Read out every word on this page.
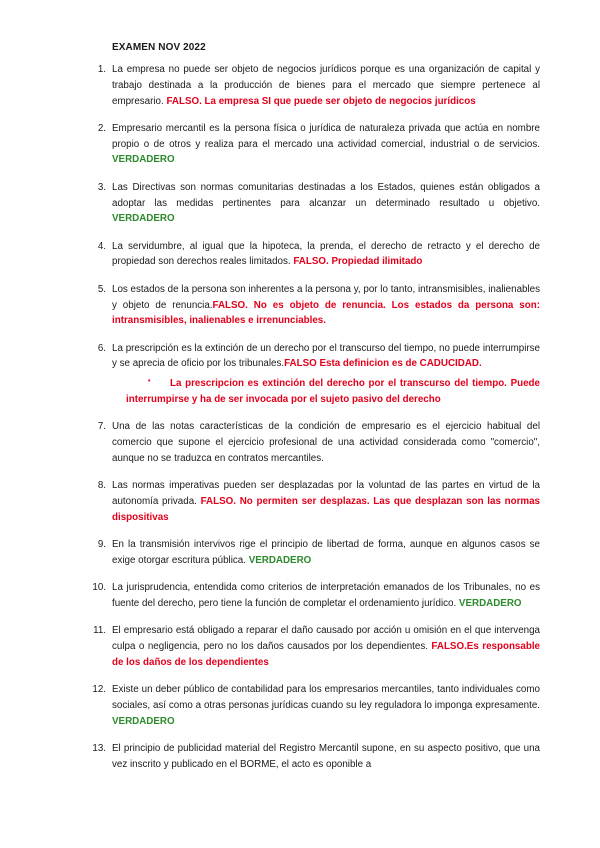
EXAMEN NOV 2022
1. La empresa no puede ser objeto de negocios jurídicos porque es una organización de capital y trabajo destinada a la producción de bienes para el mercado que siempre pertenece al empresario. FALSO. La empresa SI que puede ser objeto de negocios jurídicos
2. Empresario mercantil es la persona física o jurídica de naturaleza privada que actúa en nombre propio o de otros y realiza para el mercado una actividad comercial, industrial o de servicios. VERDADERO
3. Las Directivas son normas comunitarias destinadas a los Estados, quienes están obligados a adoptar las medidas pertinentes para alcanzar un determinado resultado u objetivo. VERDADERO
4. La servidumbre, al igual que la hipoteca, la prenda, el derecho de retracto y el derecho de propiedad son derechos reales limitados. FALSO. Propiedad ilimitado
5. Los estados de la persona son inherentes a la persona y, por lo tanto, intransmisibles, inalienables y objeto de renuncia.FALSO. No es objeto de renuncia. Los estados da persona son: intransmisibles, inalienables e irrenunciables.
6. La prescripción es la extinción de un derecho por el transcurso del tiempo, no puede interrumpirse y se aprecia de oficio por los tribunales.FALSO Esta definicion es de CADUCIDAD.
•	La prescripcion es extinción del derecho por el transcurso del tiempo. Puede interrumpirse y ha de ser invocada por el sujeto pasivo del derecho
7. Una de las notas características de la condición de empresario es el ejercicio habitual del comercio que supone el ejercicio profesional de una actividad considerada como "comercio", aunque no se traduzca en contratos mercantiles.
8. Las normas imperativas pueden ser desplazadas por la voluntad de las partes en virtud de la autonomía privada. FALSO. No permiten ser desplazas. Las que desplazan son las normas dispositivas
9. En la transmisión intervivos rige el principio de libertad de forma, aunque en algunos casos se exige otorgar escritura pública. VERDADERO
10. La jurisprudencia, entendida como criterios de interpretación emanados de los Tribunales, no es fuente del derecho, pero tiene la función de completar el ordenamiento jurídico. VERDADERO
11. El empresario está obligado a reparar el daño causado por acción u omisión en el que intervenga culpa o negligencia, pero no los daños causados por los dependientes. FALSO.Es responsable de los daños de los dependientes
12. Existe un deber público de contabilidad para los empresarios mercantiles, tanto individuales como sociales, así como a otras personas jurídicas cuando su ley reguladora lo imponga expresamente. VERDADERO
13. El principio de publicidad material del Registro Mercantil supone, en su aspecto positivo, que una vez inscrito y publicado en el BORME, el acto es oponible a
